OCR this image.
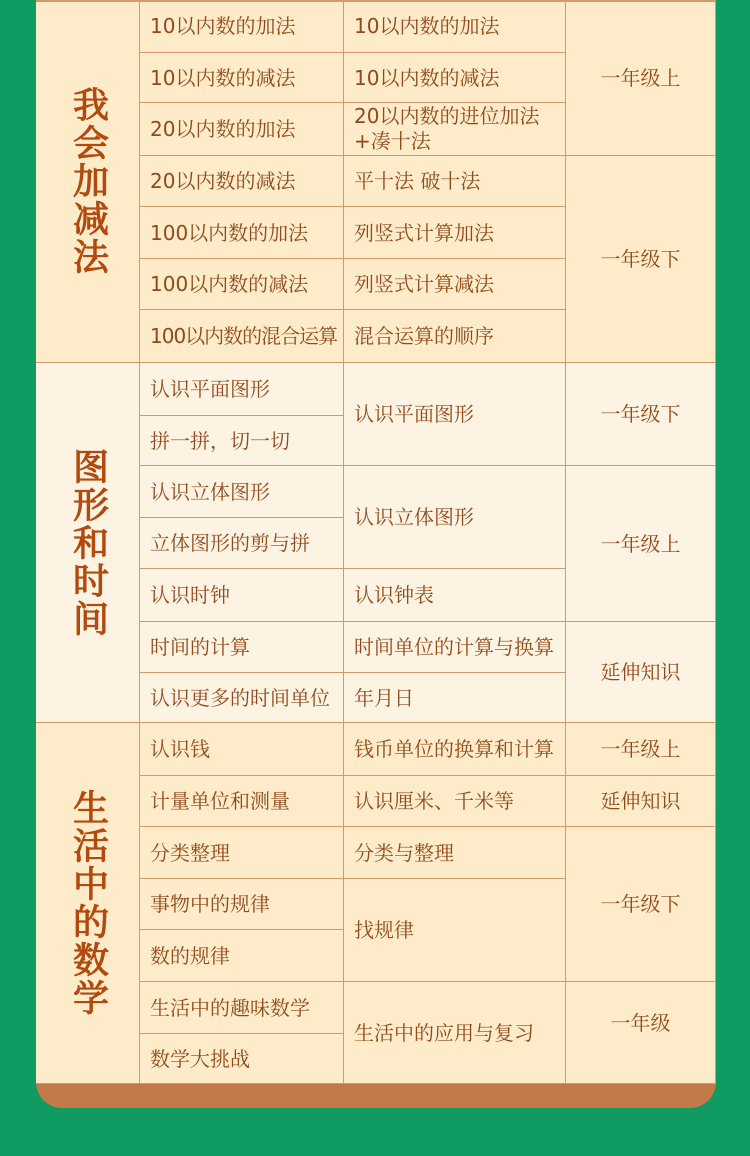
我会加减法
10以内数的加法
10以内数的减法
20以内数的加法
20以内数的减法
100以内数的加法
100以内数的减法
100以内数的混合运算
10以内数的加法
10以内数的减法
20以内数的进位加法
+凑十法
平十法 破十法
列竖式计算加法
列竖式计算减法
混合运算的顺序
一年级上
一年级下
图形和时间
认识平面图形
拼一拼，切一切
认识立体图形
立体图形的剪与拼
认识时钟
时间的计算
认识更多的时间单位
认识平面图形
认识立体图形
认识钟表
时间单位的计算与换算
年月日
一年级下
一年级上
延伸知识
生活中的数学
认识钱
计量单位和测量
分类整理
事物中的规律
数的规律
生活中的趣味数学
数学大挑战
钱币单位的换算和计算
认识厘米、千米等
分类与整理
找规律
生活中的应用与复习
一年级上
延伸知识
一年级下
一年级
